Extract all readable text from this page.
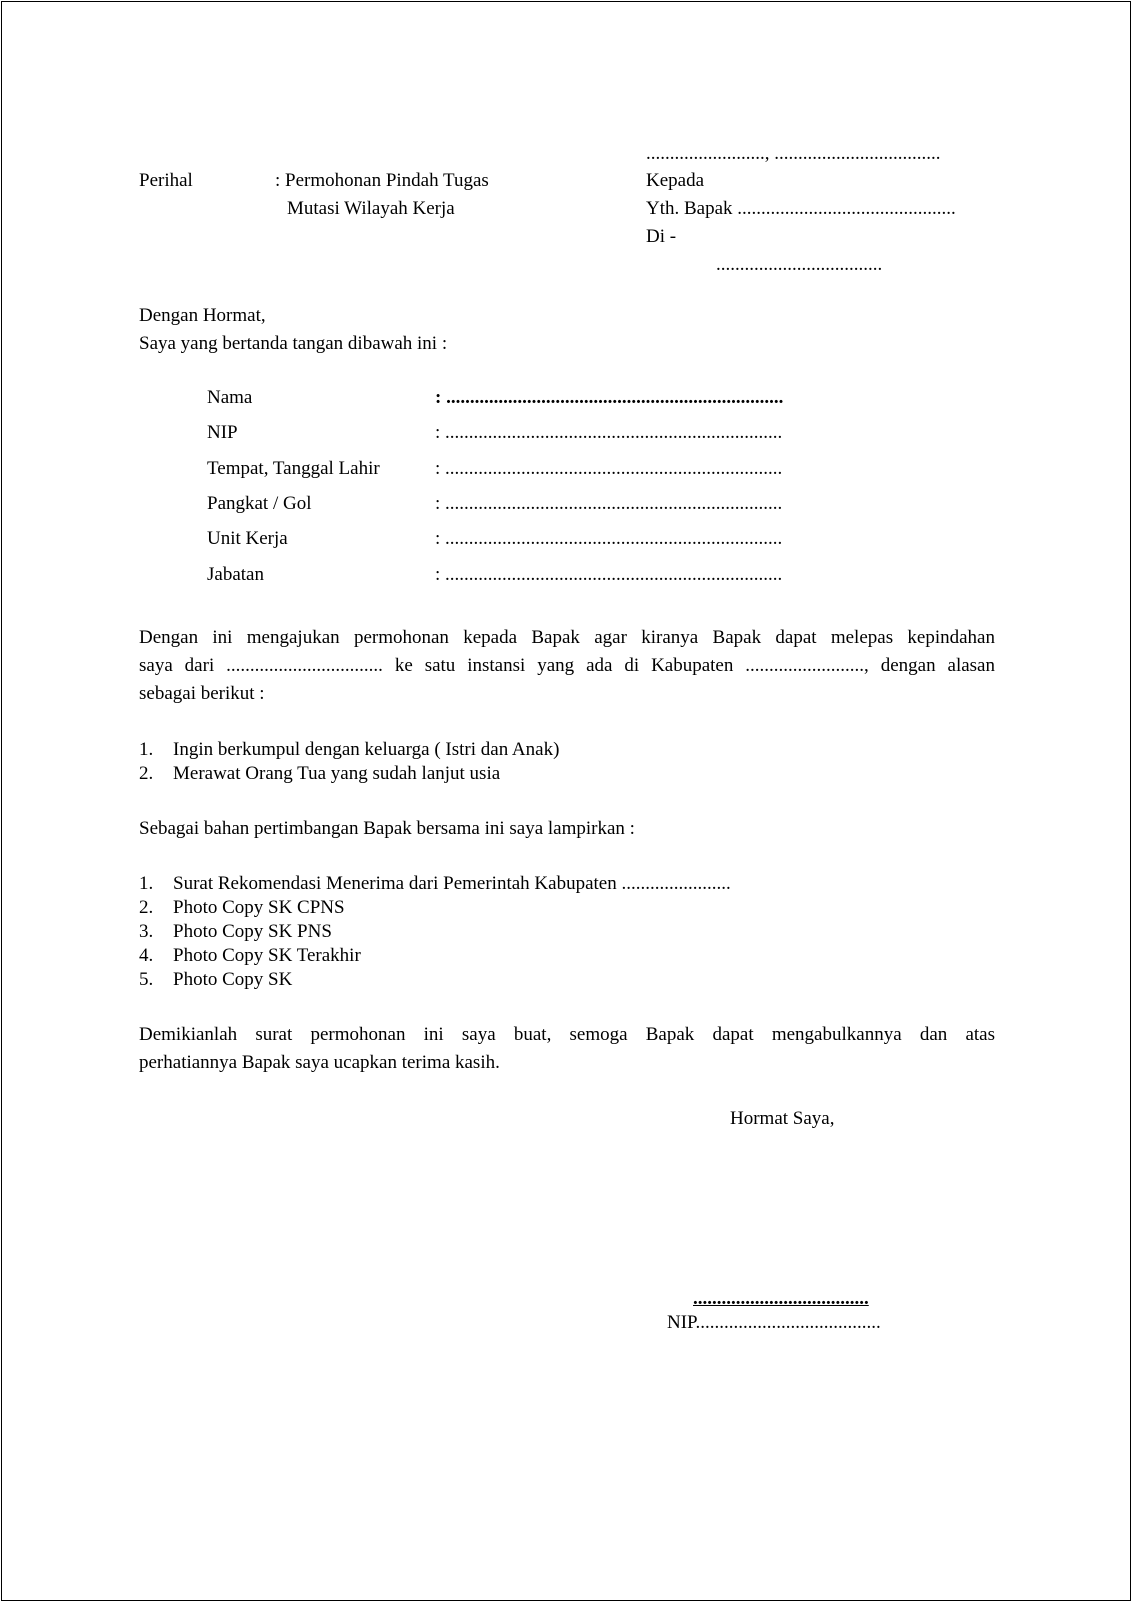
........................., ...................................
Perihal	: Permohonan Pindah Tugas
Mutasi Wilayah Kerja
Kepada
Yth. Bapak ..............................................
Di -
...................................
Dengan Hormat,
Saya yang bertanda tangan dibawah ini :
Nama	: .......................................................................
NIP	: .......................................................................
Tempat, Tanggal Lahir	: .......................................................................
Pangkat / Gol	: .......................................................................
Unit Kerja	: .......................................................................
Jabatan	: .......................................................................
Dengan ini mengajukan permohonan kepada Bapak agar kiranya Bapak dapat melepas kepindahan
saya dari ................................. ke satu instansi yang ada di Kabupaten ........................., dengan alasan
sebagai berikut :
1. Ingin berkumpul dengan keluarga ( Istri dan Anak)
2. Merawat Orang Tua yang sudah lanjut usia
Sebagai bahan pertimbangan Bapak bersama ini saya lampirkan :
1. Surat Rekomendasi Menerima dari Pemerintah Kabupaten .......................
2. Photo Copy SK CPNS
3. Photo Copy SK PNS
4. Photo Copy SK Terakhir
5. Photo Copy SK
Demikianlah surat permohonan ini saya buat, semoga Bapak dapat mengabulkannya dan atas
perhatiannya Bapak saya ucapkan terima kasih.
Hormat Saya,
.....................................
NIP.......................................
